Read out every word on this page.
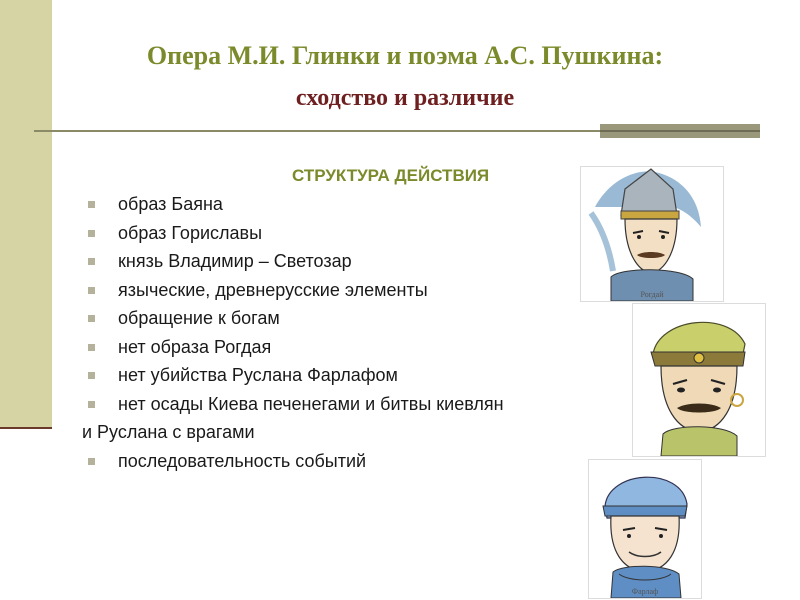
Опера М.И. Глинки и поэма А.С. Пушкина:
сходство и различие
СТРУКТУРА ДЕЙСТВИЯ
образ Баяна
образ Гориславы
князь Владимир – Светозар
языческие, древнерусские элементы
обращение к богам
нет образа Рогдая
нет убийства Руслана Фарлафом
нет осады Киева печенегами и битвы киевлян
и Руслана с врагами
последовательность событий
Рогдай
Фарлаф
